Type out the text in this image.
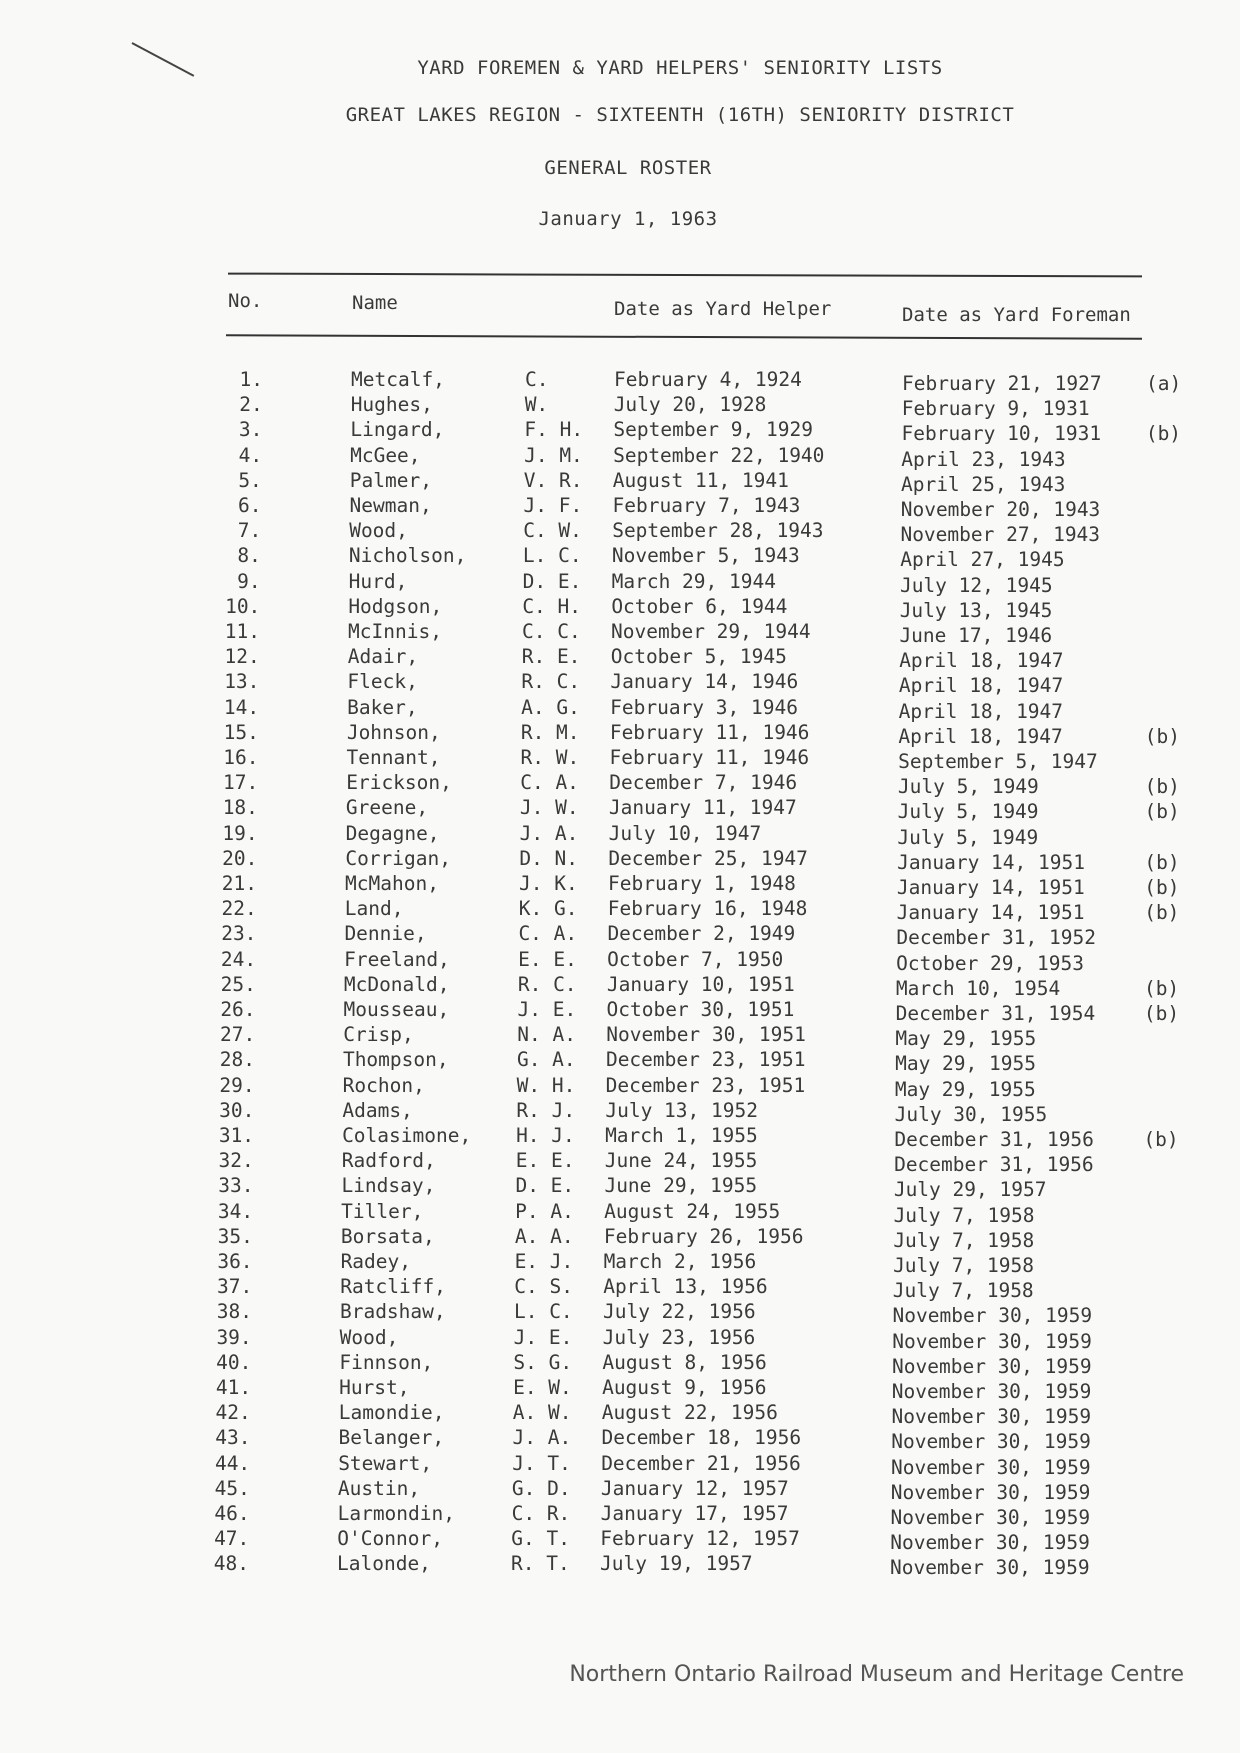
YARD FOREMEN & YARD HELPERS' SENIORITY LISTS
GREAT LAKES REGION - SIXTEENTH (16TH) SENIORITY DISTRICT
GENERAL ROSTER
January 1, 1963
No.	Name	Date as Yard Helper	Date as Yard Foreman
1.	Metcalf,	C.	February 4, 1924	February 21, 1927 (a)
2.	Hughes,	W.	July 20, 1928	February 9, 1931
3.	Lingard,	F. H. September 9, 1929	February 10, 1931 (b)
4.	McGee,	J. M. September 22, 1940	April 23, 1943
5.	Palmer,	V. R. August 11, 1941	April 25, 1943
6.	Newman,	J. F. February 7, 1943	November 20, 1943
7.	Wood,	C. W. September 28, 1943	November 27, 1943
8.	Nicholson,	L. C. November 5, 1943	April 27, 1945
9.	Hurd,	D. E. March 29, 1944	July 12, 1945
10.	Hodgson,	C. H. October 6, 1944	July 13, 1945
11.	McInnis,	C. C. November 29, 1944	June 17, 1946
12.	Adair,	R. E. October 5, 1945	April 18, 1947
13.	Fleck,	R. C. January 14, 1946	April 18, 1947
14.	Baker,	A. G. February 3, 1946	April 18, 1947
15.	Johnson,	R. M. February 11, 1946	April 18, 1947	(b)
16.	Tennant,	R. W. February 11, 1946	September 5, 1947
17.	Erickson,	C. A. December 7, 1946	July 5, 1949	(b)
18.	Greene,	J. W. January 11, 1947	July 5, 1949	(b)
19.	Degagne,	J. A. July 10, 1947	July 5, 1949
20.	Corrigan,	D. N. December 25, 1947	January 14, 1951	(b)
21.	McMahon,	J. K. February 1, 1948	January 14, 1951	(b)
22.	Land,	K. G. February 16, 1948	January 14, 1951	(b)
23.	Dennie,	C. A. December 2, 1949	December 31, 1952
24.	Freeland,	E. E. October 7, 1950	October 29, 1953
25.	McDonald,	R. C. January 10, 1951	March 10, 1954	(b)
26.	Mousseau,	J. E. October 30, 1951	December 31, 1954 (b)
27.	Crisp,	N. A. November 30, 1951	May 29, 1955
28.	Thompson,	G. A. December 23, 1951	May 29, 1955
29.	Rochon,	W. H. December 23, 1951	May 29, 1955
30.	Adams,	R. J. July 13, 1952	July 30, 1955
31.	Colasimone, H. J. March 1, 1955	December 31, 1956	(b)
32.	Radford,	E. E. June 24, 1955	December 31, 1956
33.	Lindsay,	D. E. June 29, 1955	July 29, 1957
34.	Tiller,	P. A. August 24, 1955	July 7, 1958
35.	Borsata,	A. A. February 26, 1956	July 7, 1958
36.	Radey,	E. J. March 2, 1956	July 7, 1958
37.	Ratcliff,	C. S. April 13, 1956	July 7, 1958
38.	Bradshaw,	L. C. July 22, 1956	November 30, 1959
39.	Wood,	J. E. July 23, 1956	November 30, 1959
40.	Finnson,	S. G. August 8, 1956	November 30, 1959
41.	Hurst,	E. W. August 9, 1956	November 30, 1959
42.	Lamondie,	A. W. August 22, 1956	November 30, 1959
43.	Belanger,	J. A. December 18, 1956	November 30, 1959
44.	Stewart,	J. T. December 21, 1956	November 30, 1959
45.	Austin,	G. D. January 12, 1957	November 30, 1959
46.	Larmondin,	C. R. January 17, 1957	November 30, 1959
47.	O'Connor,	G. T. February 12, 1957	November 30, 1959
48.	Lalonde,	R. T. July 19, 1957	November 30, 1959
Northern Ontario Railroad Museum and Heritage Centre
